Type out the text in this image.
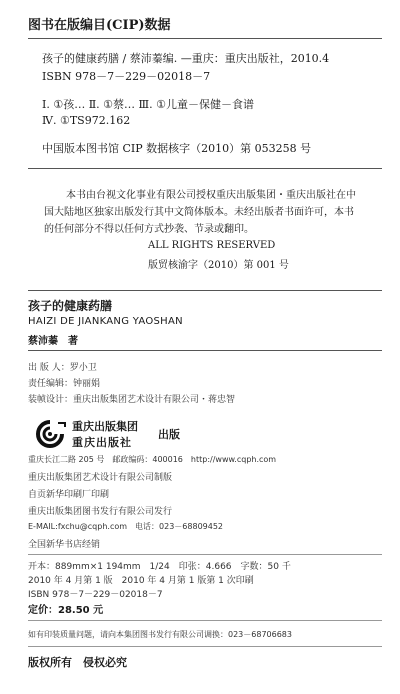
图书在版编目(CIP)数据
孩子的健康药膳 / 蔡沛蓁编. —重庆：重庆出版社，2010.4
ISBN 978－7－229－02018－7
Ⅰ. ①孩… Ⅱ. ①蔡… Ⅲ. ①儿童－保健－食谱
Ⅳ. ①TS972.162
中国版本图书馆 CIP 数据核字（2010）第 053258 号
本书由台视文化事业有限公司授权重庆出版集团・重庆出版社在中
国大陆地区独家出版发行其中文简体版本。未经出版者书面许可，本书
的任何部分不得以任何方式抄袭、节录或翻印。
ALL RIGHTS RESERVED
版贸核渝字（2010）第 001 号
孩子的健康药膳
HAIZI DE JIANKANG YAOSHAN
蔡沛蓁　著
出 版 人：罗小卫
责任编辑：钟丽娟
装帧设计：重庆出版集团艺术设计有限公司・蒋忠智
重庆出版集团
重庆出版社
出版
重庆长江二路 205 号　邮政编码：400016　http://www.cqph.com
重庆出版集团艺术设计有限公司制版
自贡新华印刷厂印刷
重庆出版集团图书发行有限公司发行
E-MAIL:fxchu@cqph.com　电话：023－68809452
全国新华书店经销
开本：889mm×1 194mm　1/24　印张：4.666　字数：50 千
2010 年 4 月第 1 版　2010 年 4 月第 1 版第 1 次印刷
ISBN 978－7－229－02018－7
定价：28.50 元
如有印装质量问题，请向本集团图书发行有限公司调换：023－68706683
版权所有　侵权必究
